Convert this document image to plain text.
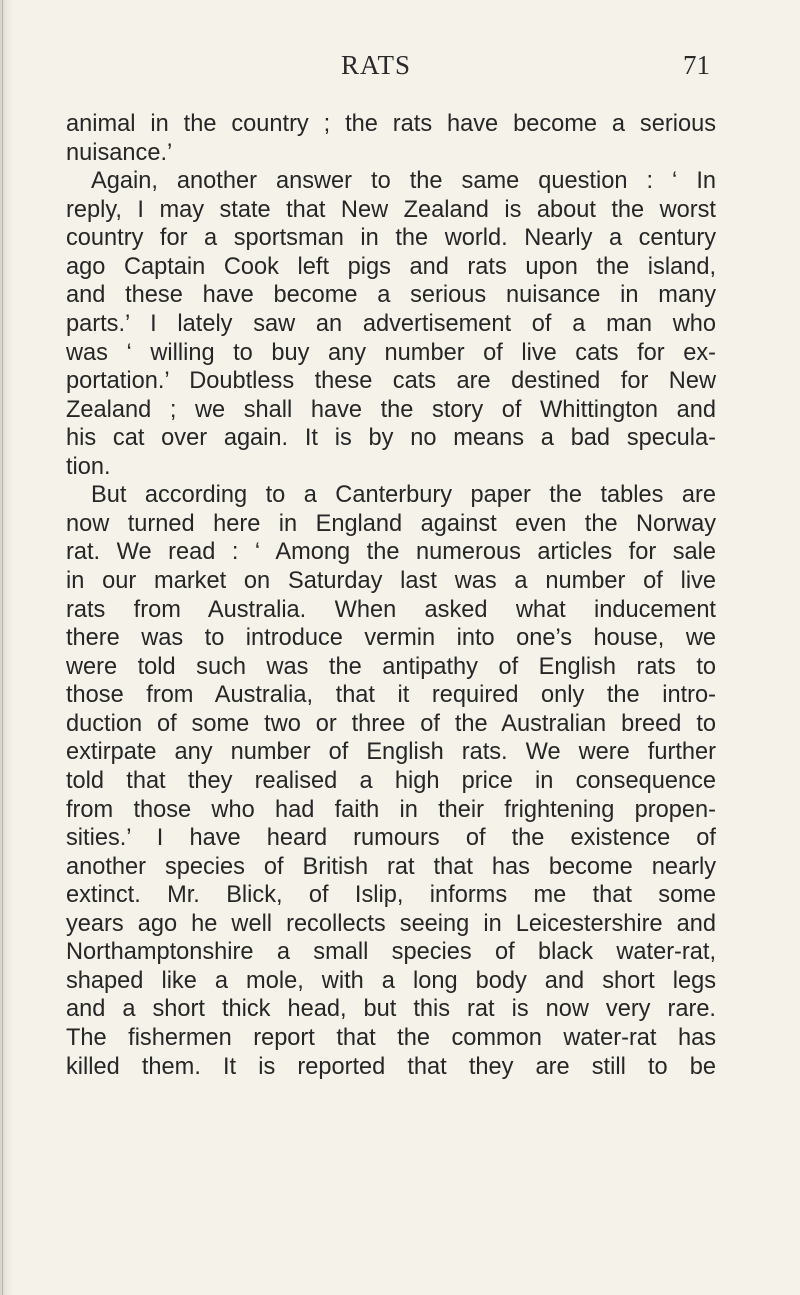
RATS	71
animal in the country ; the rats have become a serious
nuisance.’
Again, another answer to the same question : ‘ In
reply, I may state that New Zealand is about the worst
country for a sportsman in the world. Nearly a century
ago Captain Cook left pigs and rats upon the island,
and these have become a serious nuisance in many
parts.’ I lately saw an advertisement of a man who
was ‘ willing to buy any number of live cats for ex-
portation.’ Doubtless these cats are destined for New
Zealand ; we shall have the story of Whittington and
his cat over again. It is by no means a bad specula-
tion.
But according to a Canterbury paper the tables are
now turned here in England against even the Norway
rat. We read : ‘ Among the numerous articles for sale
in our market on Saturday last was a number of live
rats from Australia. When asked what inducement
there was to introduce vermin into one’s house, we
were told such was the antipathy of English rats to
those from Australia, that it required only the intro-
duction of some two or three of the Australian breed to
extirpate any number of English rats. We were further
told that they realised a high price in consequence
from those who had faith in their frightening propen-
sities.’ I have heard rumours of the existence of
another species of British rat that has become nearly
extinct. Mr. Blick, of Islip, informs me that some
years ago he well recollects seeing in Leicestershire and
Northamptonshire a small species of black water-rat,
shaped like a mole, with a long body and short legs
and a short thick head, but this rat is now very rare.
The fishermen report that the common water-rat has
killed them. It is reported that they are still to be
